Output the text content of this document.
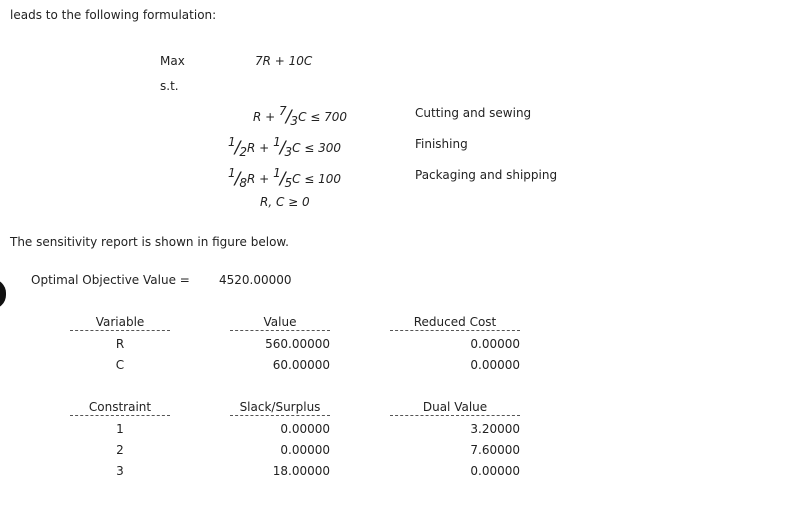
leads to the following formulation:
Max	7R + 10C
s.t.
R + 7/3C ≤ 700	Cutting and sewing
1/2R + 1/3C ≤ 300	Finishing
1/8R + 1/5C ≤ 100	Packaging and shipping
R, C ≥ 0
The sensitivity report is shown in figure below.
Optimal Objective Value = 4520.00000
Variable	Value	Reduced Cost
R	560.00000	0.00000
C	60.00000	0.00000
Constraint	Slack/Surplus	Dual Value
1	0.00000	3.20000
2	0.00000	7.60000
3	18.00000	0.00000
